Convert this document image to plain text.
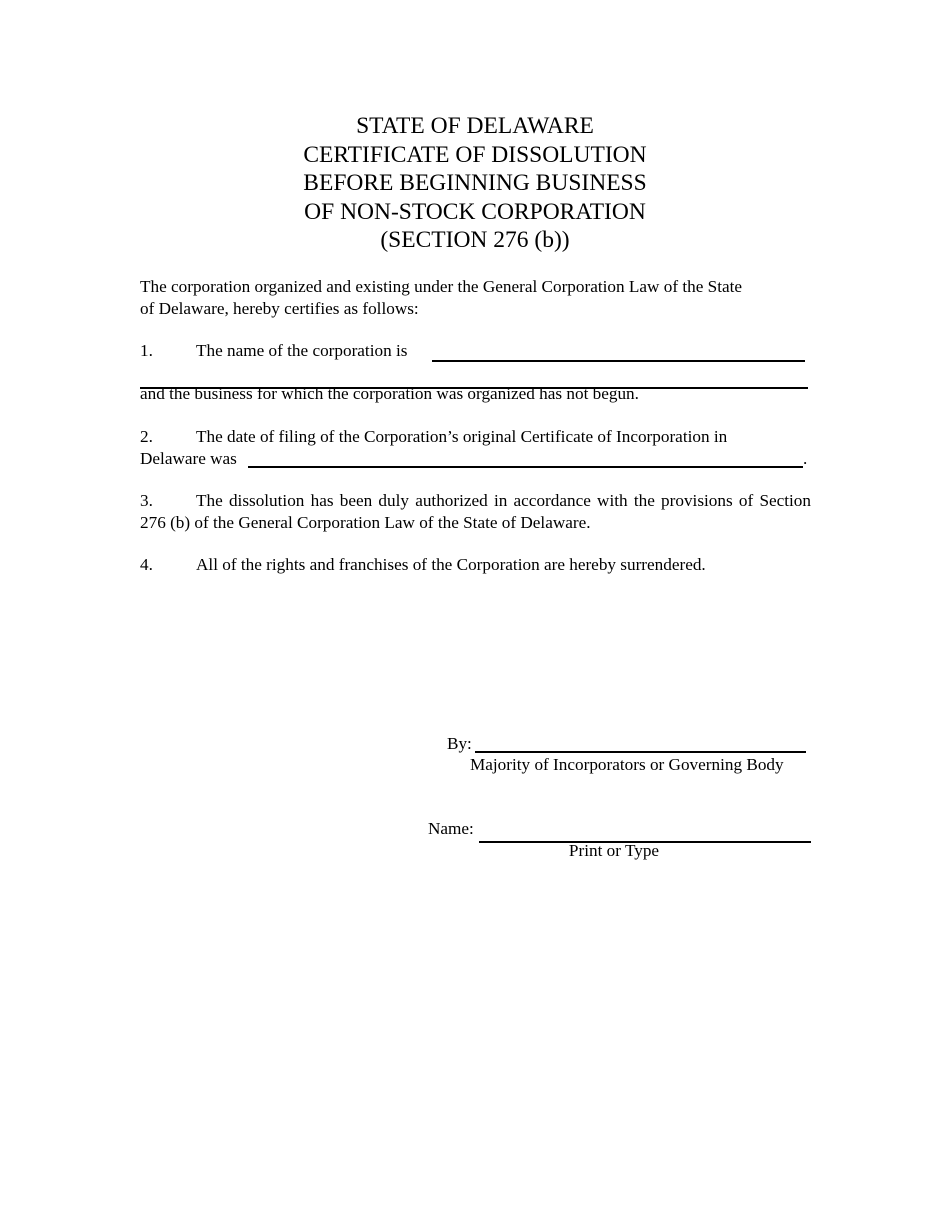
STATE OF DELAWARE
CERTIFICATE OF DISSOLUTION
BEFORE BEGINNING BUSINESS
OF NON-STOCK CORPORATION
(SECTION 276 (b))
The corporation organized and existing under the General Corporation Law of the State
of Delaware, hereby certifies as follows:
1.	The name of the corporation is
and the business for which the corporation was organized has not begun.
2.	The date of filing of the Corporation’s original Certificate of Incorporation in
Delaware was	.
3.	The dissolution has been duly authorized in accordance with the provisions of Section 276 (b) of the General Corporation Law of the State of Delaware.
4.	All of the rights and franchises of the Corporation are hereby surrendered.
By:
Majority of Incorporators or Governing Body
Name:
Print or Type
